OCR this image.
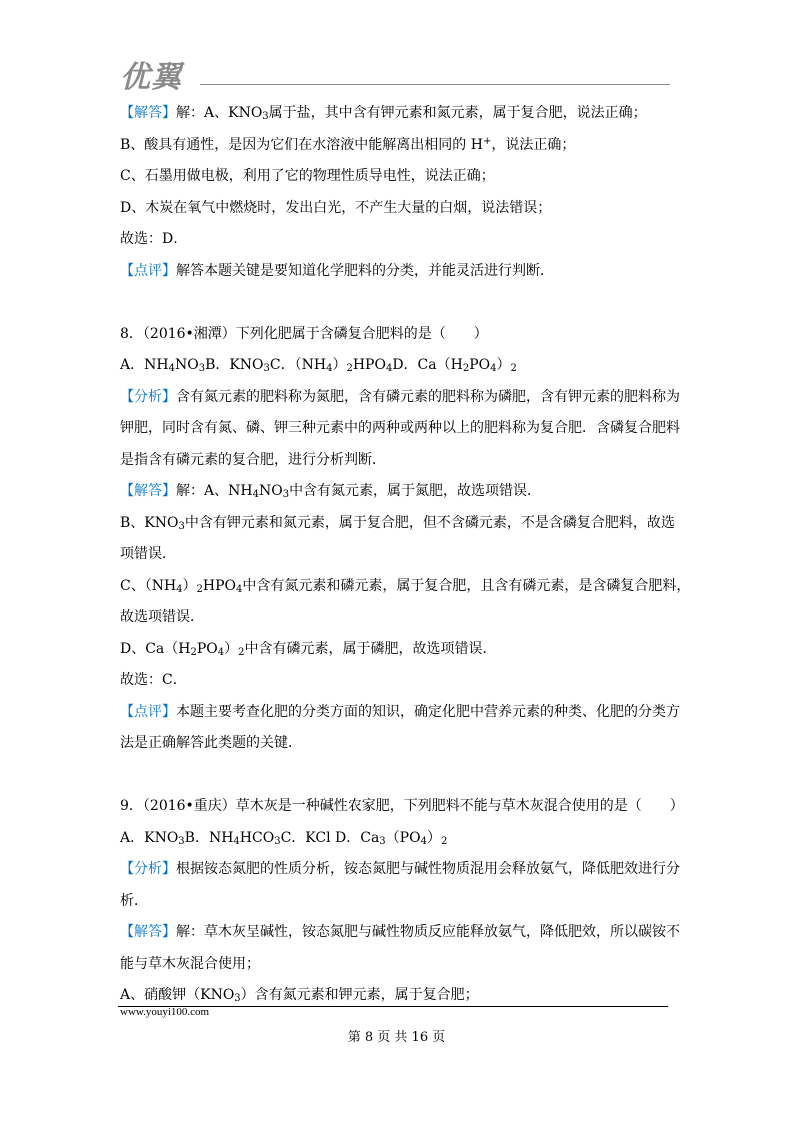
优翼
【解答】解：A、$KNO_3$属于盐，其中含有钾元素和氮元素，属于复合肥，说法正确；
B、酸具有通性，是因为它们在水溶液中能解离出相同的 H+，说法正确；
C、石墨用做电极，利用了它的物理性质导电性，说法正确；
D、木炭在氧气中燃烧时，发出白光，不产生大量的白烟，说法错误；
故选：D．
【点评】解答本题关键是要知道化学肥料的分类，并能灵活进行判断．
8．（2016•湘潭）下列化肥属于含磷复合肥料的是（　　）
A．$NH_4NO_3B$．$KNO_3C$．$(NH_4)_2HPO_4D$．$Ca(H_2PO_4)_2$
【分析】含有氮元素的肥料称为氮肥，含有磷元素的肥料称为磷肥，含有钾元素的肥料称为
钾肥，同时含有氮、磷、钾三种元素中的两种或两种以上的肥料称为复合肥．含磷复合肥料
是指含有磷元素的复合肥，进行分析判断．
【解答】解：A、$NH_4NO_3$中含有氮元素，属于氮肥，故选项错误．
B、$KNO_3$中含有钾元素和氮元素，属于复合肥，但不含磷元素，不是含磷复合肥料，故选
项错误．
C、$(NH_4)_2HPO_4$中含有氮元素和磷元素，属于复合肥，且含有磷元素，是含磷复合肥料，
故选项错误．
D、$Ca(H_2PO_4)_2$中含有磷元素，属于磷肥，故选项错误．
故选：C．
【点评】本题主要考查化肥的分类方面的知识，确定化肥中营养元素的种类、化肥的分类方
法是正确解答此类题的关键．
9．（2016•重庆）草木灰是一种碱性农家肥，下列肥料不能与草木灰混合使用的是（　　）
A．$KNO_3B$．$NH_4HCO_3C$．KCl D．$Ca_3(PO_4)_2$
【分析】根据铵态氮肥的性质分析，铵态氮肥与碱性物质混用会释放氨气，降低肥效进行分
析．
【解答】解：草木灰呈碱性，铵态氮肥与碱性物质反应能释放氨气，降低肥效，所以碳铵不
能与草木灰混合使用；
A、硝酸钾$(KNO_3)$含有氮元素和钾元素，属于复合肥；
www.youyi100.com
第 8 页 共 16 页
